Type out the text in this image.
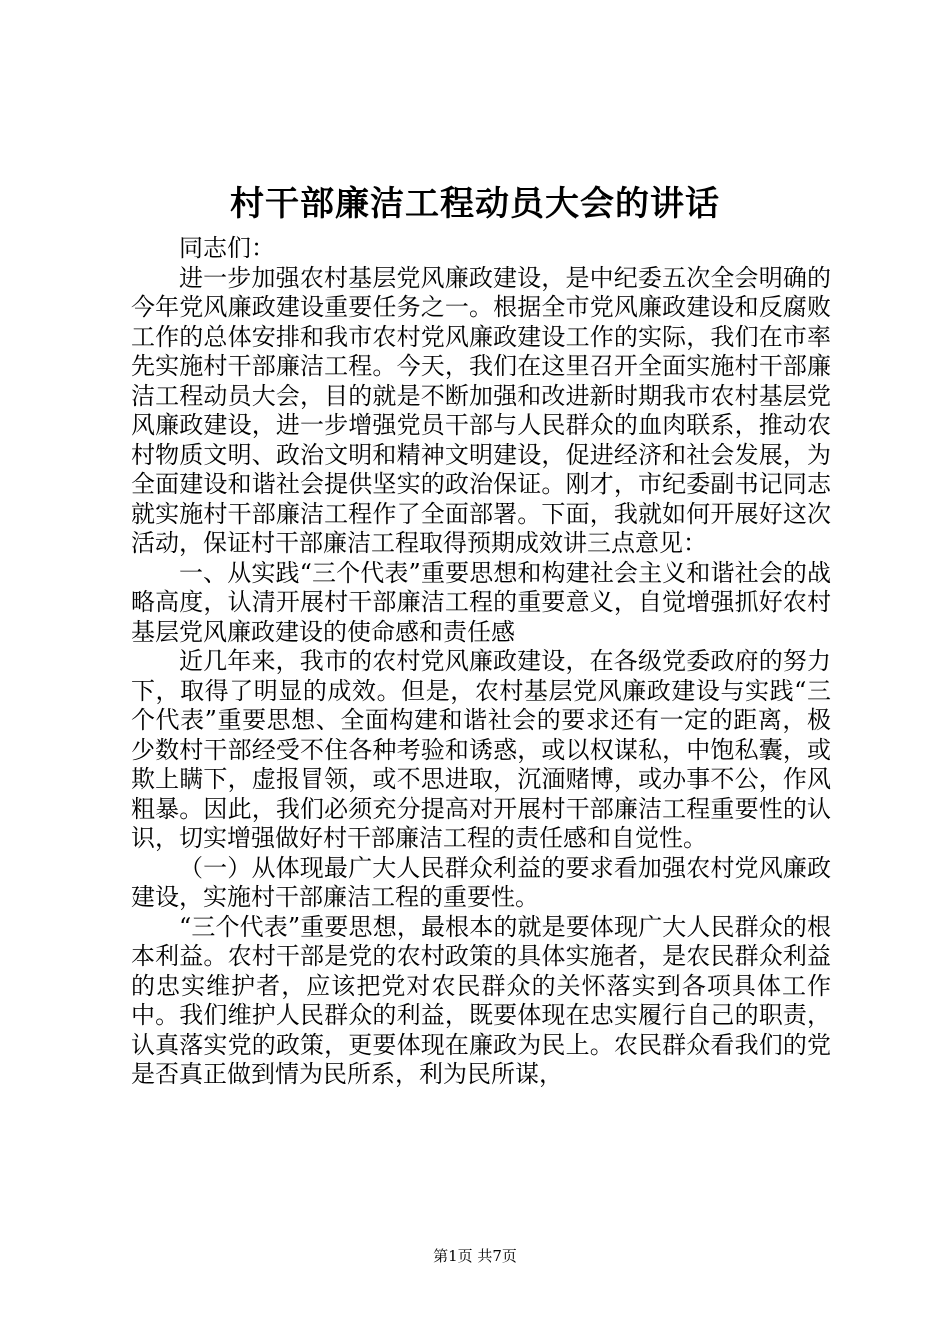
村干部廉洁工程动员大会的讲话

同志们：

进一步加强农村基层党风廉政建设，是中纪委五次全会明确的今年党风廉政建设重要任务之一。根据全市党风廉政建设和反腐败工作的总体安排和我市农村党风廉政建设工作的实际，我们在市率先实施村干部廉洁工程。今天，我们在这里召开全面实施村干部廉洁工程动员大会，目的就是不断加强和改进新时期我市农村基层党风廉政建设，进一步增强党员干部与人民群众的血肉联系，推动农村物质文明、政治文明和精神文明建设，促进经济和社会发展，为全面建设和谐社会提供坚实的政治保证。刚才，市纪委副书记同志就实施村干部廉洁工程作了全面部署。下面，我就如何开展好这次活动，保证村干部廉洁工程取得预期成效讲三点意见：

一、从实践“三个代表”重要思想和构建社会主义和谐社会的战略高度，认清开展村干部廉洁工程的重要意义，自觉增强抓好农村基层党风廉政建设的使命感和责任感

近几年来，我市的农村党风廉政建设，在各级党委政府的努力下，取得了明显的成效。但是，农村基层党风廉政建设与实践“三个代表”重要思想、全面构建和谐社会的要求还有一定的距离，极少数村干部经受不住各种考验和诱惑，或以权谋私，中饱私囊，或欺上瞒下，虚报冒领，或不思进取，沉湎赌博，或办事不公，作风粗暴。因此，我们必须充分提高对开展村干部廉洁工程重要性的认识，切实增强做好村干部廉洁工程的责任感和自觉性。

（一）从体现最广大人民群众利益的要求看加强农村党风廉政建设，实施村干部廉洁工程的重要性。

“三个代表”重要思想，最根本的就是要体现广大人民群众的根本利益。农村干部是党的农村政策的具体实施者，是农民群众利益的忠实维护者，应该把党对农民群众的关怀落实到各项具体工作中。我们维护人民群众的利益，既要体现在忠实履行自己的职责，认真落实党的政策，更要体现在廉政为民上。农民群众看我们的党是否真正做到情为民所系，利为民所谋，

第1页 共7页
